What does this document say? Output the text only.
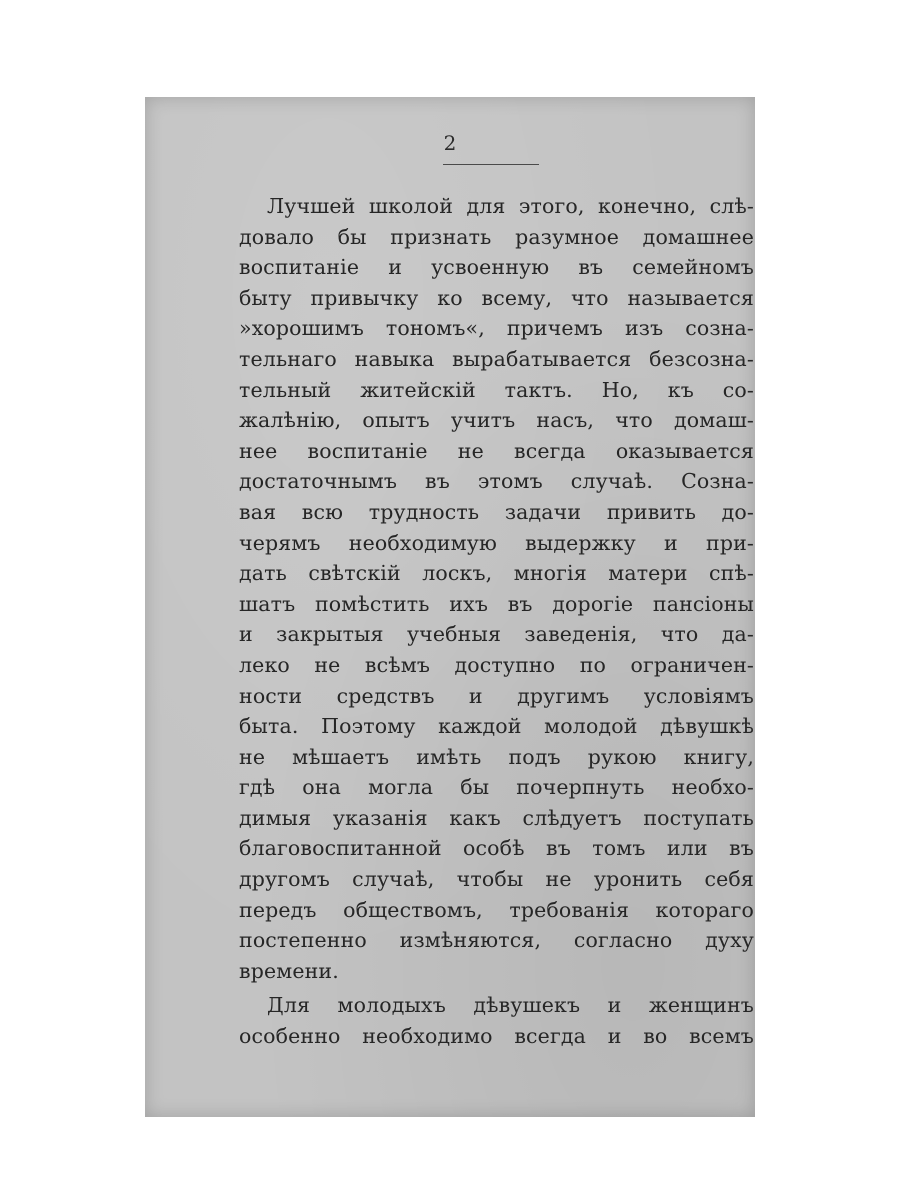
2
Лучшей школой для этого, конечно, слѣ-
довало бы признать разумное домашнее
воспитаніе и усвоенную въ семейномъ
быту привычку ко всему, что называется
»хорошимъ тономъ«, причемъ изъ созна-
тельнаго навыка вырабатывается безсозна-
тельный житейскій тактъ. Но, къ со-
жалѣнію, опытъ учитъ насъ, что домаш-
нее воспитаніе не всегда оказывается
достаточнымъ въ этомъ случаѣ. Созна-
вая всю трудность задачи привить до-
черямъ необходимую выдержку и при-
дать свѣтскій лоскъ, многія матери спѣ-
шатъ помѣстить ихъ въ дорогіе пансіоны
и закрытыя учебныя заведенія, что да-
леко не всѣмъ доступно по ограничен-
ности средствъ и другимъ условіямъ
быта. Поэтому каждой молодой дѣвушкѣ
не мѣшаетъ имѣть подъ рукою книгу,
гдѣ она могла бы почерпнуть необхо-
димыя указанія какъ слѣдуетъ поступать
благовоспитанной особѣ въ томъ или въ
другомъ случаѣ, чтобы не уронить себя
передъ обществомъ, требованія котораго
постепенно измѣняются, согласно духу
времени.
Для молодыхъ дѣвушекъ и женщинъ
особенно необходимо всегда и во всемъ
